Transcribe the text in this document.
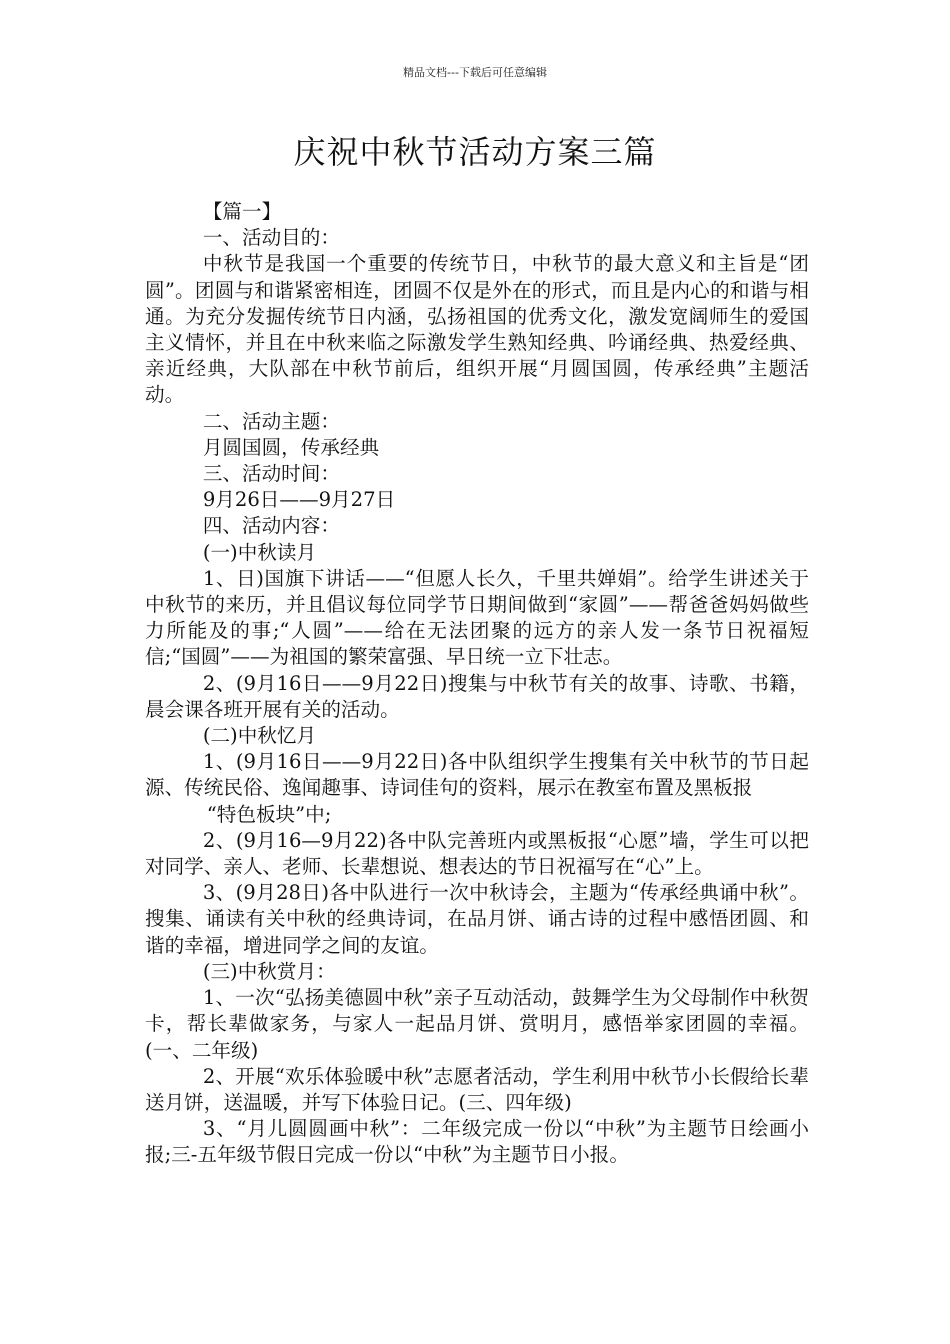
精品文档---下载后可任意编辑
庆祝中秋节活动方案三篇

【篇一】

一、活动目的：

中秋节是我国一个重要的传统节日，中秋节的最大意义和主旨是“团圆”。团圆与和谐紧密相连，团圆不仅是外在的形式，而且是内心的和谐与相通。为充分发掘传统节日内涵，弘扬祖国的优秀文化，激发宽阔师生的爱国主义情怀，并且在中秋来临之际激发学生熟知经典、吟诵经典、热爱经典、亲近经典，大队部在中秋节前后，组织开展“月圆国圆，传承经典”主题活动。

二、活动主题：

月圆国圆，传承经典

三、活动时间：

9月26日——9月27日

四、活动内容：

(一)中秋读月

1、日)国旗下讲话——“但愿人长久，千里共婵娟”。给学生讲述关于中秋节的来历，并且倡议每位同学节日期间做到“家圆”——帮爸爸妈妈做些力所能及的事;“人圆”——给在无法团聚的远方的亲人发一条节日祝福短信;“国圆”——为祖国的繁荣富强、早日统一立下壮志。

2、(9月16日——9月22日)搜集与中秋节有关的故事、诗歌、书籍，晨会课各班开展有关的活动。

(二)中秋忆月

1、(9月16日——9月22日)各中队组织学生搜集有关中秋节的节日起源、传统民俗、逸闻趣事、诗词佳句的资料，展示在教室布置及黑板报

“特色板块”中;

2、(9月16—9月22)各中队完善班内或黑板报“心愿”墙，学生可以把对同学、亲人、老师、长辈想说、想表达的节日祝福写在“心”上。

3、(9月28日)各中队进行一次中秋诗会，主题为“传承经典诵中秋”。搜集、诵读有关中秋的经典诗词，在品月饼、诵古诗的过程中感悟团圆、和谐的幸福，增进同学之间的友谊。

(三)中秋赏月：

1、一次“弘扬美德圆中秋”亲子互动活动，鼓舞学生为父母制作中秋贺卡，帮长辈做家务，与家人一起品月饼、赏明月，感悟举家团圆的幸福。(一、二年级)

2、开展“欢乐体验暖中秋”志愿者活动，学生利用中秋节小长假给长辈送月饼，送温暖，并写下体验日记。(三、四年级)

3、“月儿圆圆画中秋”：二年级完成一份以“中秋”为主题节日绘画小报;三-五年级节假日完成一份以“中秋”为主题节日小报。
